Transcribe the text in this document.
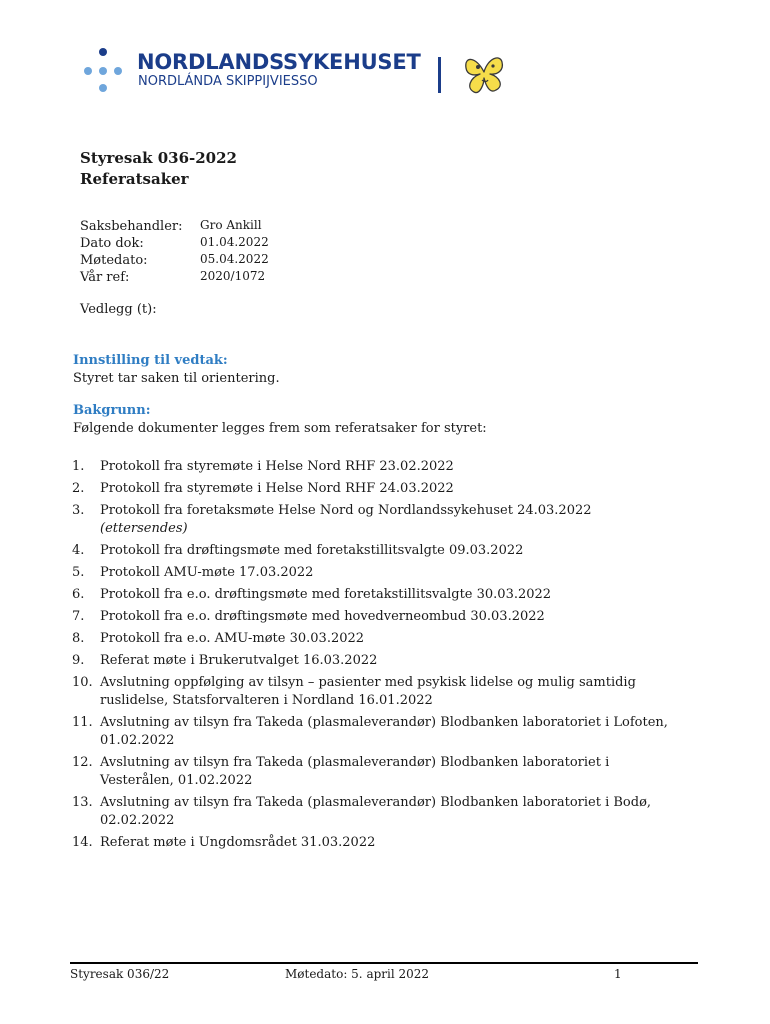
NORDLANDSSYKEHUSET
NORDLÁNDA SKIPPIJVIESSO
Styresak 036-2022
Referatsaker
Saksbehandler: Gro Ankill
Dato dok:	01.04.2022
Møtedato:	05.04.2022
Vår ref:	2020/1072
Vedlegg (t):
Innstilling til vedtak:
Styret tar saken til orientering.
Bakgrunn:
Følgende dokumenter legges frem som referatsaker for styret:
1.	Protokoll fra styremøte i Helse Nord RHF 23.02.2022
2.	Protokoll fra styremøte i Helse Nord RHF 24.03.2022
3.	Protokoll fra foretaksmøte Helse Nord og Nordlandssykehuset 24.03.2022
(ettersendes)
4.	Protokoll fra drøftingsmøte med foretakstillitsvalgte 09.03.2022
5.	Protokoll AMU-møte 17.03.2022
6.	Protokoll fra e.o. drøftingsmøte med foretakstillitsvalgte 30.03.2022
7.	Protokoll fra e.o. drøftingsmøte med hovedverneombud 30.03.2022
8.	Protokoll fra e.o. AMU-møte 30.03.2022
9.	Referat møte i Brukerutvalget 16.03.2022
10. Avslutning oppfølging av tilsyn – pasienter med psykisk lidelse og mulig samtidig ruslidelse, Statsforvalteren i Nordland 16.01.2022
11. Avslutning av tilsyn fra Takeda (plasmaleverandør) Blodbanken laboratoriet i Lofoten, 01.02.2022
12. Avslutning av tilsyn fra Takeda (plasmaleverandør) Blodbanken laboratoriet i Vesterålen, 01.02.2022
13. Avslutning av tilsyn fra Takeda (plasmaleverandør) Blodbanken laboratoriet i Bodø, 02.02.2022
14. Referat møte i Ungdomsrådet 31.03.2022
Styresak 036/22	Møtedato: 5. april 2022	1
